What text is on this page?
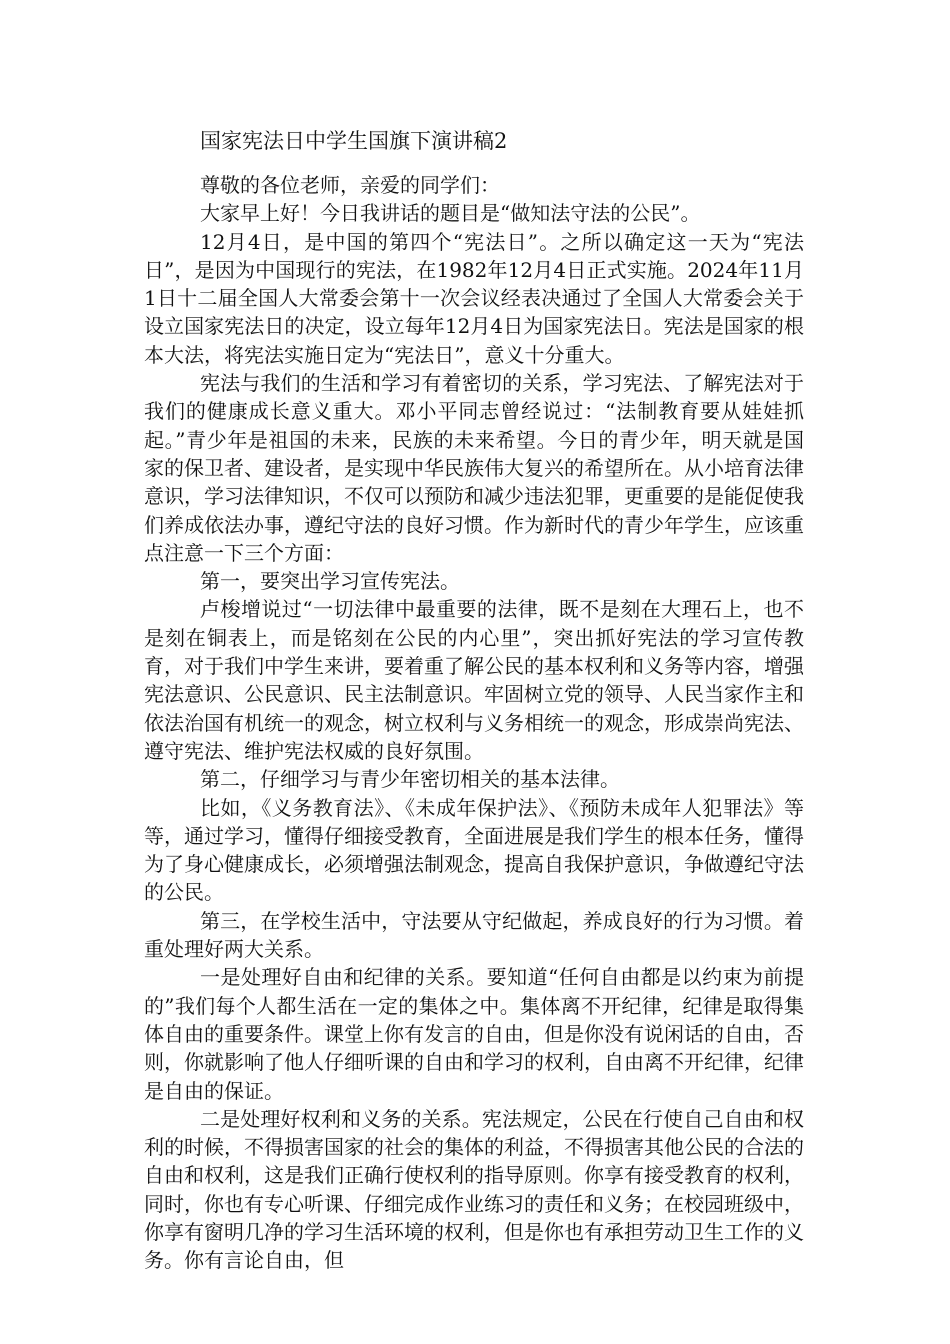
国家宪法日中学生国旗下演讲稿2

尊敬的各位老师，亲爱的同学们：

大家早上好！今日我讲话的题目是“做知法守法的公民”。

12月4日，是中国的第四个“宪法日”。之所以确定这一天为“宪法日”，是因为中国现行的宪法，在1982年12月4日正式实施。2024年11月1日十二届全国人大常委会第十一次会议经表决通过了全国人大常委会关于设立国家宪法日的决定，设立每年12月4日为国家宪法日。宪法是国家的根本大法，将宪法实施日定为“宪法日”，意义十分重大。

宪法与我们的生活和学习有着密切的关系，学习宪法、了解宪法对于我们的健康成长意义重大。邓小平同志曾经说过：“法制教育要从娃娃抓起。”青少年是祖国的未来，民族的未来希望。今日的青少年，明天就是国家的保卫者、建设者，是实现中华民族伟大复兴的希望所在。从小培育法律意识，学习法律知识，不仅可以预防和减少违法犯罪，更重要的是能促使我们养成依法办事，遵纪守法的良好习惯。作为新时代的青少年学生，应该重点注意一下三个方面：

第一，要突出学习宣传宪法。

卢梭增说过“一切法律中最重要的法律，既不是刻在大理石上，也不是刻在铜表上，而是铭刻在公民的内心里”，突出抓好宪法的学习宣传教育，对于我们中学生来讲，要着重了解公民的基本权利和义务等内容，增强宪法意识、公民意识、民主法制意识。牢固树立党的领导、人民当家作主和依法治国有机统一的观念，树立权利与义务相统一的观念，形成崇尚宪法、遵守宪法、维护宪法权威的良好氛围。

第二，仔细学习与青少年密切相关的基本法律。

比如，《义务教育法》、《未成年保护法》、《预防未成年人犯罪法》等等，通过学习，懂得仔细接受教育，全面进展是我们学生的根本任务，懂得为了身心健康成长，必须增强法制观念，提高自我保护意识，争做遵纪守法的公民。

第三，在学校生活中，守法要从守纪做起，养成良好的行为习惯。着重处理好两大关系。

一是处理好自由和纪律的关系。要知道“任何自由都是以约束为前提的”我们每个人都生活在一定的集体之中。集体离不开纪律，纪律是取得集体自由的重要条件。课堂上你有发言的自由，但是你没有说闲话的自由，否则，你就影响了他人仔细听课的自由和学习的权利，自由离不开纪律，纪律是自由的保证。

二是处理好权利和义务的关系。宪法规定，公民在行使自己自由和权利的时候，不得损害国家的社会的集体的利益，不得损害其他公民的合法的自由和权利，这是我们正确行使权利的指导原则。你享有接受教育的权利，同时，你也有专心听课、仔细完成作业练习的责任和义务；在校园班级中，你享有窗明几净的学习生活环境的权利，但是你也有承担劳动卫生工作的义务。你有言论自由，但
